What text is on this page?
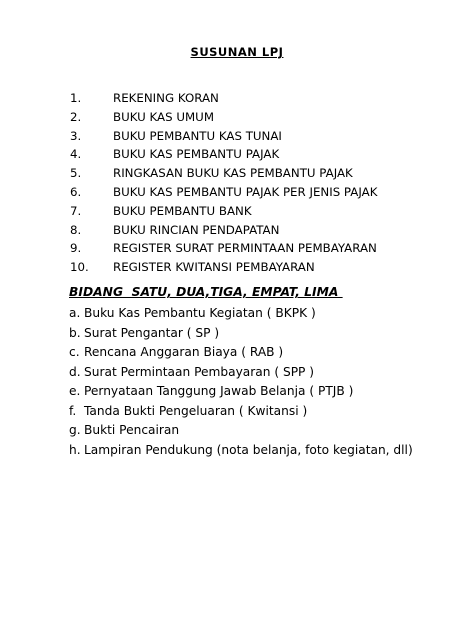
SUSUNAN LPJ
1.	REKENING KORAN
2.	BUKU KAS UMUM
3.	BUKU PEMBANTU KAS TUNAI
4.	BUKU KAS PEMBANTU PAJAK
5.	RINGKASAN BUKU KAS PEMBANTU PAJAK
6.	BUKU KAS PEMBANTU PAJAK PER JENIS PAJAK
7.	BUKU PEMBANTU BANK
8.	BUKU RINCIAN PENDAPATAN
9.	REGISTER SURAT PERMINTAAN PEMBAYARAN
10. REGISTER KWITANSI PEMBAYARAN
BIDANG  SATU, DUA,TIGA, EMPAT, LIMA
a. Buku Kas Pembantu Kegiatan ( BKPK )
b. Surat Pengantar ( SP )
c. Rencana Anggaran Biaya ( RAB )
d. Surat Permintaan Pembayaran ( SPP )
e. Pernyataan Tanggung Jawab Belanja ( PTJB )
f. Tanda Bukti Pengeluaran ( Kwitansi )
g. Bukti Pencairan
h. Lampiran Pendukung (nota belanja, foto kegiatan, dll)
